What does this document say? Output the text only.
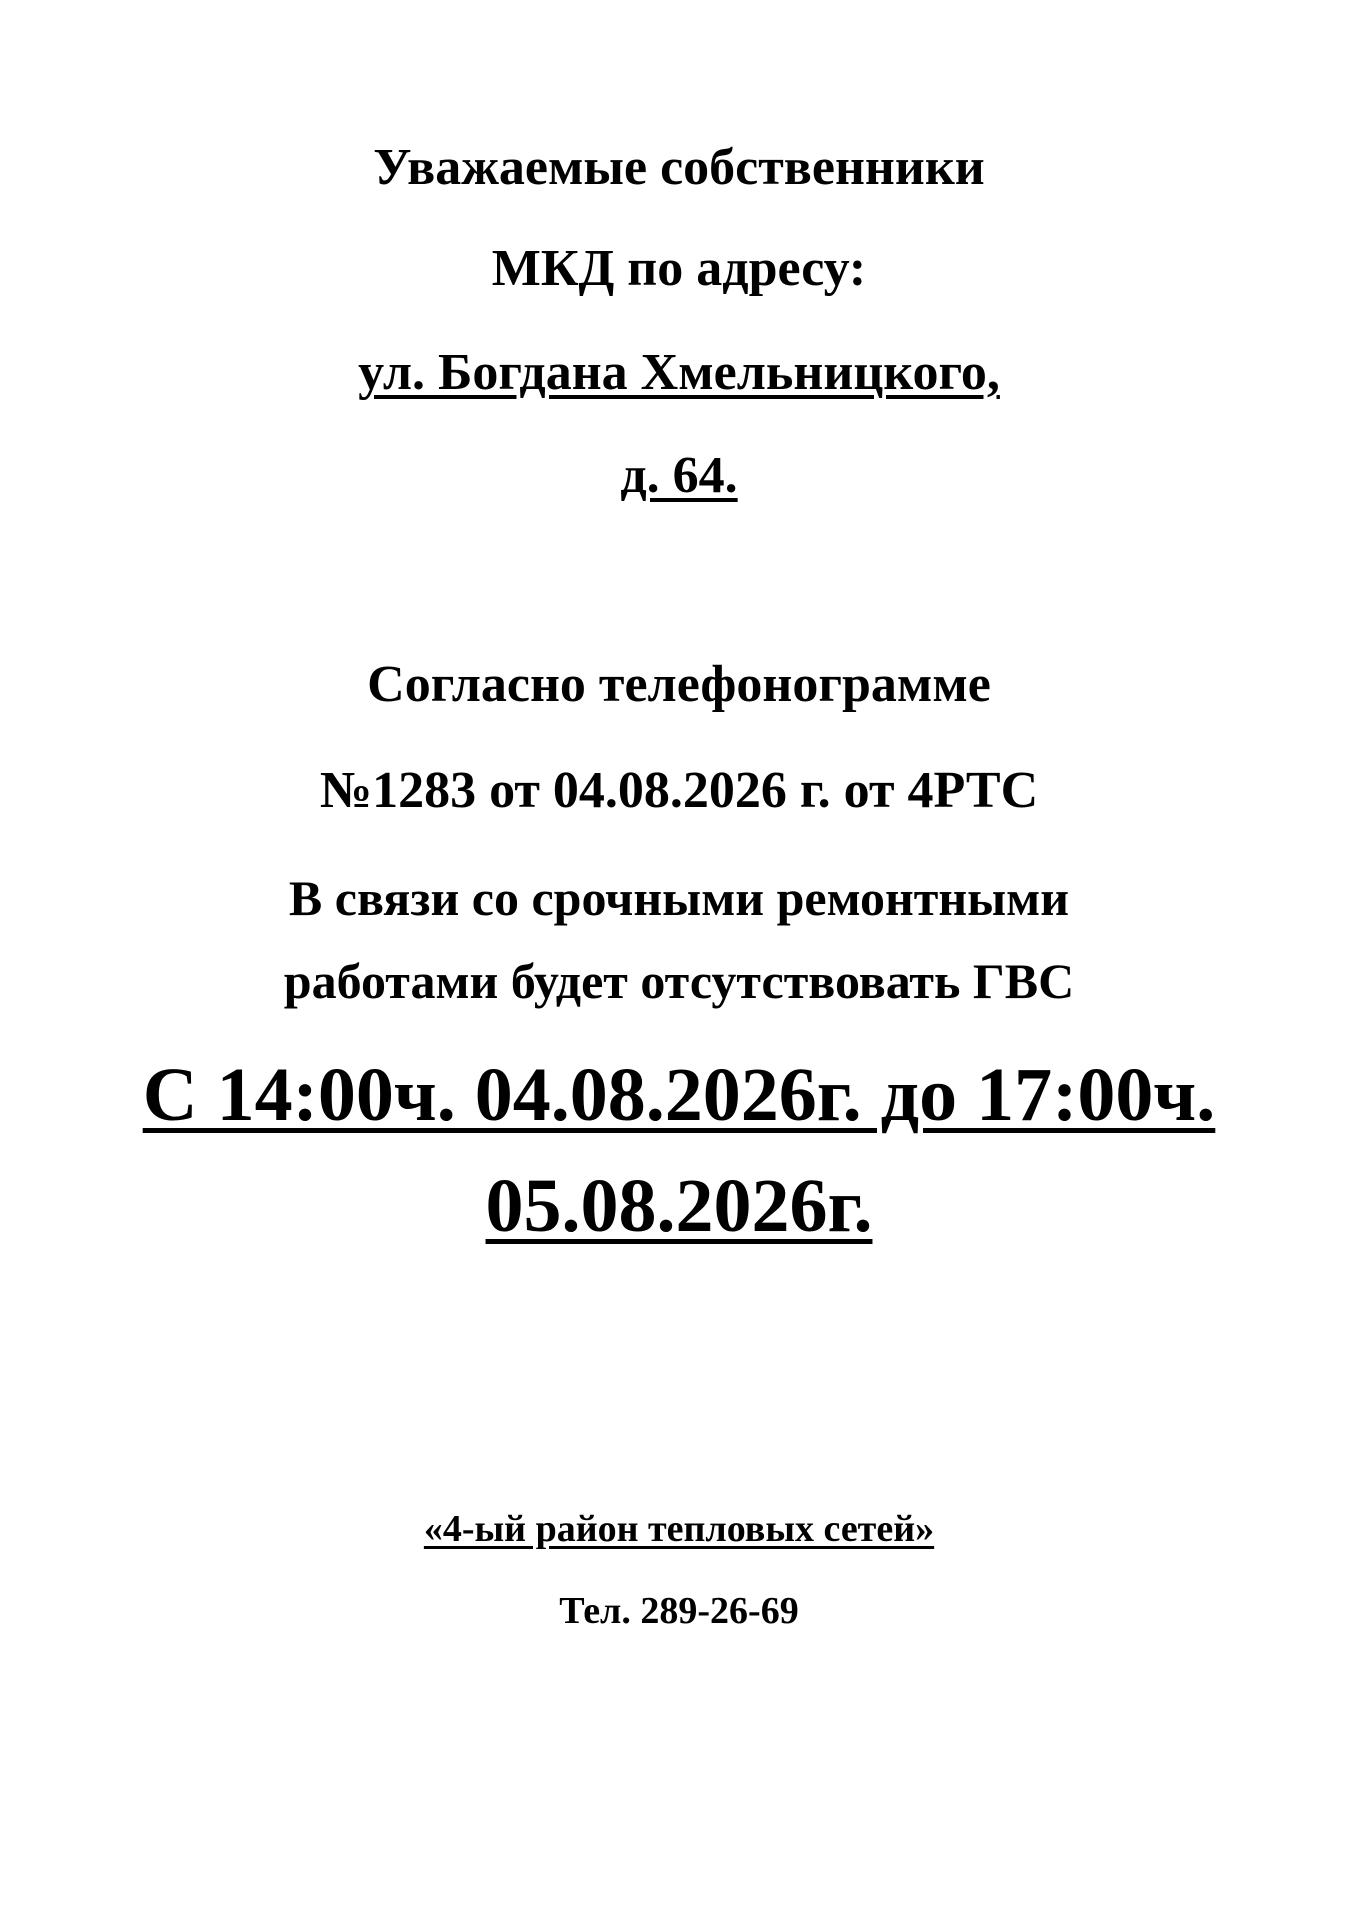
Уважаемые собственники

МКД по адресу:

ул. Богдана Хмельницкого,

д. 64.

Согласно телефонограмме

№1283 от 04.08.2026 г. от 4РТС

В связи со срочными ремонтными

работами будет отсутствовать ГВС

С 14:00ч. 04.08.2026г. до 17:00ч.

05.08.2026г.

«4-ый район тепловых сетей»

Тел. 289-26-69
